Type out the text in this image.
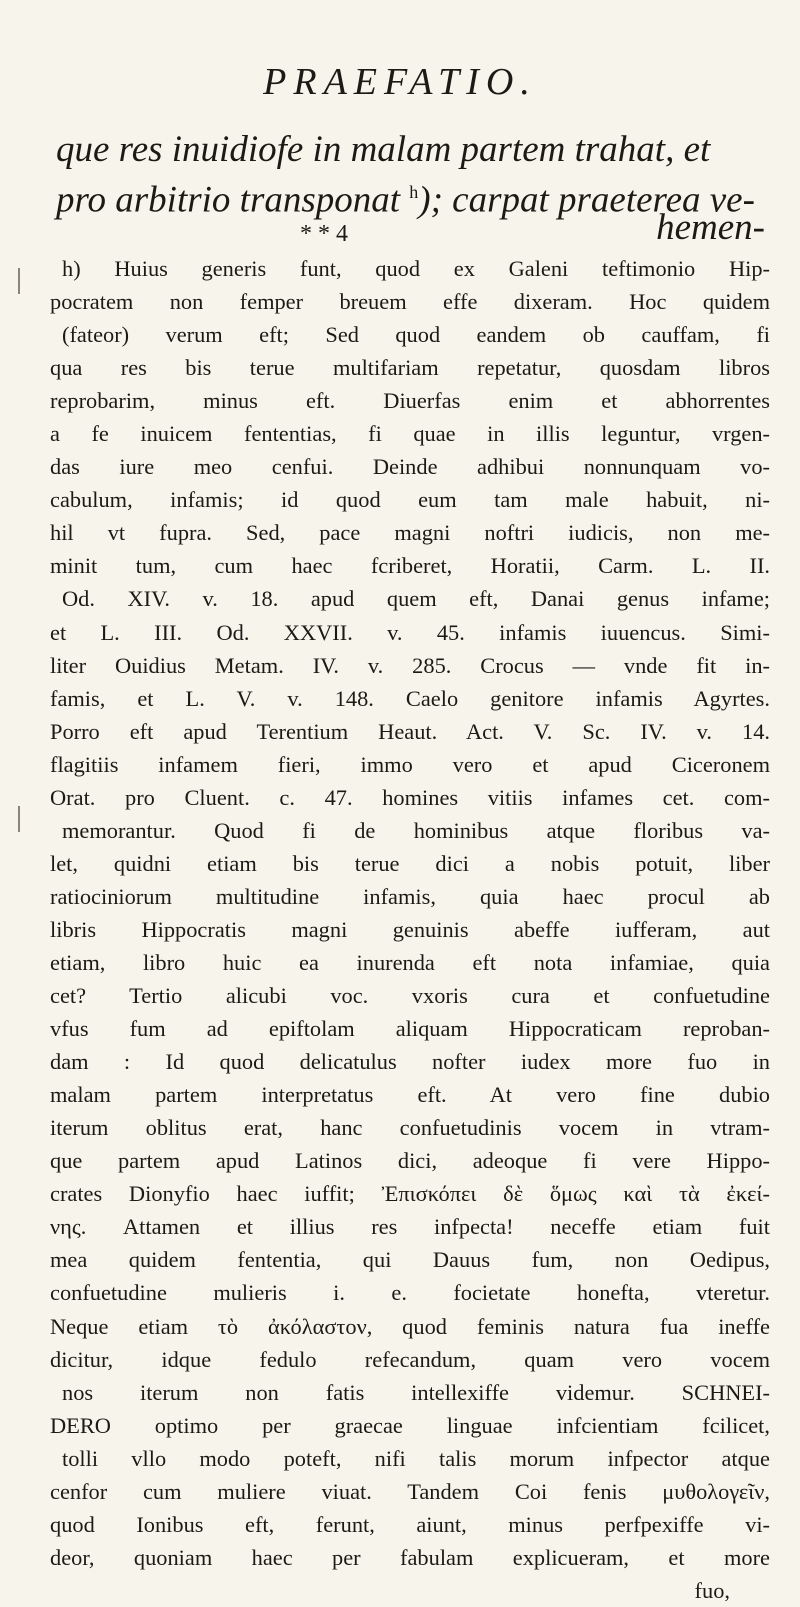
PRAEFATIO.
que res inuidiofe in malam partem trahat, et
pro arbitrio transponat $^h$); carpat praeterea ve-
* * 4	hemen-

h) Huius generis funt, quod ex Galeni teftimonio Hip-

pocratem non femper breuem effe dixeram. Hoc quidem

(fateor) verum eft; Sed quod eandem ob cauffam, fi

qua res bis terue multifariam repetatur, quosdam libros

reprobarim, minus eft. Diuerfas enim et abhorrentes

a fe inuicem fententias, fi quae in illis leguntur, vrgen-

das iure meo cenfui. Deinde adhibui nonnunquam vo-

cabulum, infamis; id quod eum tam male habuit, ni-

hil vt fupra. Sed, pace magni noftri iudicis, non me-

minit tum, cum haec fcriberet, Horatii, Carm. L. II.

Od. XIV. v. 18. apud quem eft, Danai genus infame;

et L. III. Od. XXVII. v. 45. infamis iuuencus. Simi-

liter Ouidius Metam. IV. v. 285. Crocus — vnde fit in-

famis, et L. V. v. 148. Caelo genitore infamis Agyrtes.

Porro eft apud Terentium Heaut. Act. V. Sc. IV. v. 14.

flagitiis infamem fieri, immo vero et apud Ciceronem

Orat. pro Cluent. c. 47. homines vitiis infames cet. com-

memorantur. Quod fi de hominibus atque floribus va-

let, quidni etiam bis terue dici a nobis potuit, liber

ratiociniorum multitudine infamis, quia haec procul ab

libris Hippocratis magni genuinis abeffe iufferam, aut

etiam, libro huic ea inurenda eft nota infamiae, quia

cet? Tertio alicubi voc. vxoris cura et confuetudine

vfus fum ad epiftolam aliquam Hippocraticam reproban-

dam : Id quod delicatulus nofter iudex more fuo in

malam partem interpretatus eft. At vero fine dubio

iterum oblitus erat, hanc confuetudinis vocem in vtram-

que partem apud Latinos dici, adeoque fi vere Hippo-

crates Dionyfio haec iuffit; Ἐπισκόπει δὲ ὅμως καὶ τὰ ἐκεί-

νης. Attamen et illius res infpecta! neceffe etiam fuit

mea quidem fententia, qui Dauus fum, non Oedipus,

confuetudine mulieris i. e. focietate honefta, vteretur.

Neque etiam τὸ ἀκόλαστον, quod feminis natura fua ineffe

dicitur, idque fedulo refecandum, quam vero vocem

nos iterum non fatis intellexiffe videmur. SCHNEI-

DERO optimo per graecae linguae infcientiam fcilicet,

tolli vllo modo poteft, nifi talis morum infpector atque

cenfor cum muliere viuat. Tandem Coi fenis μυθολογεῖν,

quod Ionibus eft, ferunt, aiunt, minus perfpexiffe vi-

deor, quoniam haec per fabulam explicueram, et more

fuo,
